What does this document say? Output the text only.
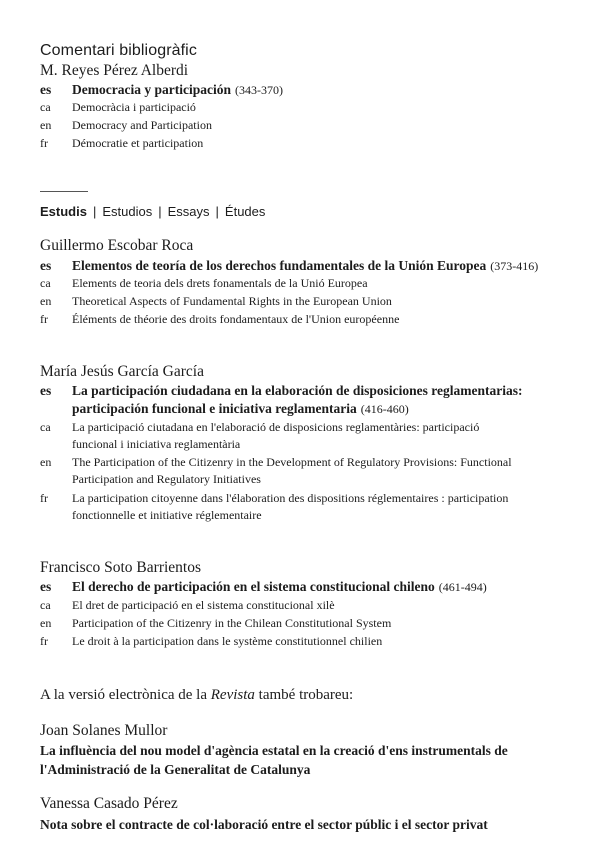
Comentari bibliogràfic
M. Reyes Pérez Alberdi
es	Democracia y participación (343-370)
ca	Democràcia i participació
en	Democracy and Participation
fr	Démocratie et participation
Estudis | Estudios | Essays | Études
Guillermo Escobar Roca
es	Elementos de teoría de los derechos fundamentales de la Unión Europea (373-416)
ca	Elements de teoria dels drets fonamentals de la Unió Europea
en	Theoretical Aspects of Fundamental Rights in the European Union
fr	Éléments de théorie des droits fondamentaux de l'Union européenne
María Jesús García García
es	La participación ciudadana en la elaboración de disposiciones reglamentarias:
participación funcional e iniciativa reglamentaria (416-460)
ca	La participació ciutadana en l'elaboració de disposicions reglamentàries: participació
funcional i iniciativa reglamentària
en	The Participation of the Citizenry in the Development of Regulatory Provisions: Functional
Participation and Regulatory Initiatives
fr	La participation citoyenne dans l'élaboration des dispositions réglementaires : participation
fonctionnelle et initiative réglementaire
Francisco Soto Barrientos
es	El derecho de participación en el sistema constitucional chileno (461-494)
ca	El dret de participació en el sistema constitucional xilè
en	Participation of the Citizenry in the Chilean Constitutional System
fr	Le droit à la participation dans le système constitutionnel chilien
A la versió electrònica de la Revista també trobareu:
Joan Solanes Mullor
La influència del nou model d'agència estatal en la creació d'ens instrumentals de
l'Administració de la Generalitat de Catalunya
Vanessa Casado Pérez
Nota sobre el contracte de col·laboració entre el sector públic i el sector privat
